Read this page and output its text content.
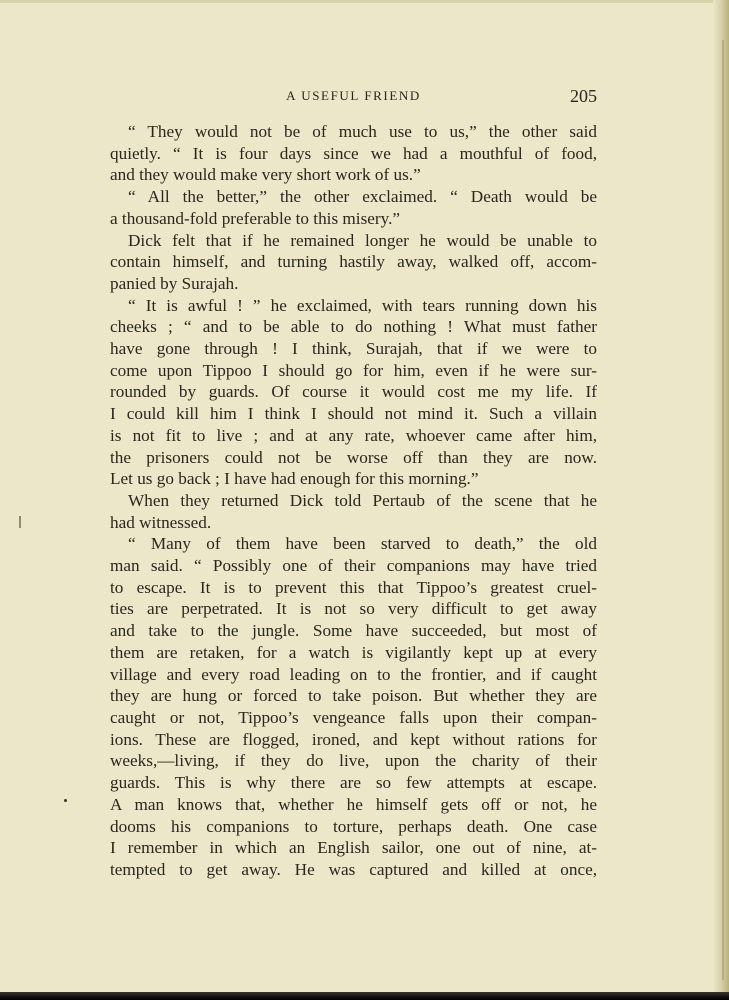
A USEFUL FRIEND	205
“ They would not be of much use to us,” the other said
quietly. “ It is four days since we had a mouthful of food,
and they would make very short work of us.”
“ All the better,” the other exclaimed. “ Death would be
a thousand-fold preferable to this misery.”
Dick felt that if he remained longer he would be unable to
contain himself, and turning hastily away, walked off, accom-
panied by Surajah.
“ It is awful ! ” he exclaimed, with tears running down his
cheeks ; “ and to be able to do nothing ! What must father
have gone through ! I think, Surajah, that if we were to
come upon Tippoo I should go for him, even if he were sur-
rounded by guards. Of course it would cost me my life. If
I could kill him I think I should not mind it. Such a villain
is not fit to live ; and at any rate, whoever came after him,
the prisoners could not be worse off than they are now.
Let us go back ; I have had enough for this morning.”
When they returned Dick told Pertaub of the scene that he
had witnessed.
“ Many of them have been starved to death,” the old
man said. “ Possibly one of their companions may have tried
to escape. It is to prevent this that Tippoo’s greatest cruel-
ties are perpetrated. It is not so very difficult to get away
and take to the jungle. Some have succeeded, but most of
them are retaken, for a watch is vigilantly kept up at every
village and every road leading on to the frontier, and if caught
they are hung or forced to take poison. But whether they are
caught or not, Tippoo’s vengeance falls upon their compan-
ions. These are flogged, ironed, and kept without rations for
weeks,—living, if they do live, upon the charity of their
guards. This is why there are so few attempts at escape.
A man knows that, whether he himself gets off or not, he
dooms his companions to torture, perhaps death. One case
I remember in which an English sailor, one out of nine, at-
tempted to get away. He was captured and killed at once,
